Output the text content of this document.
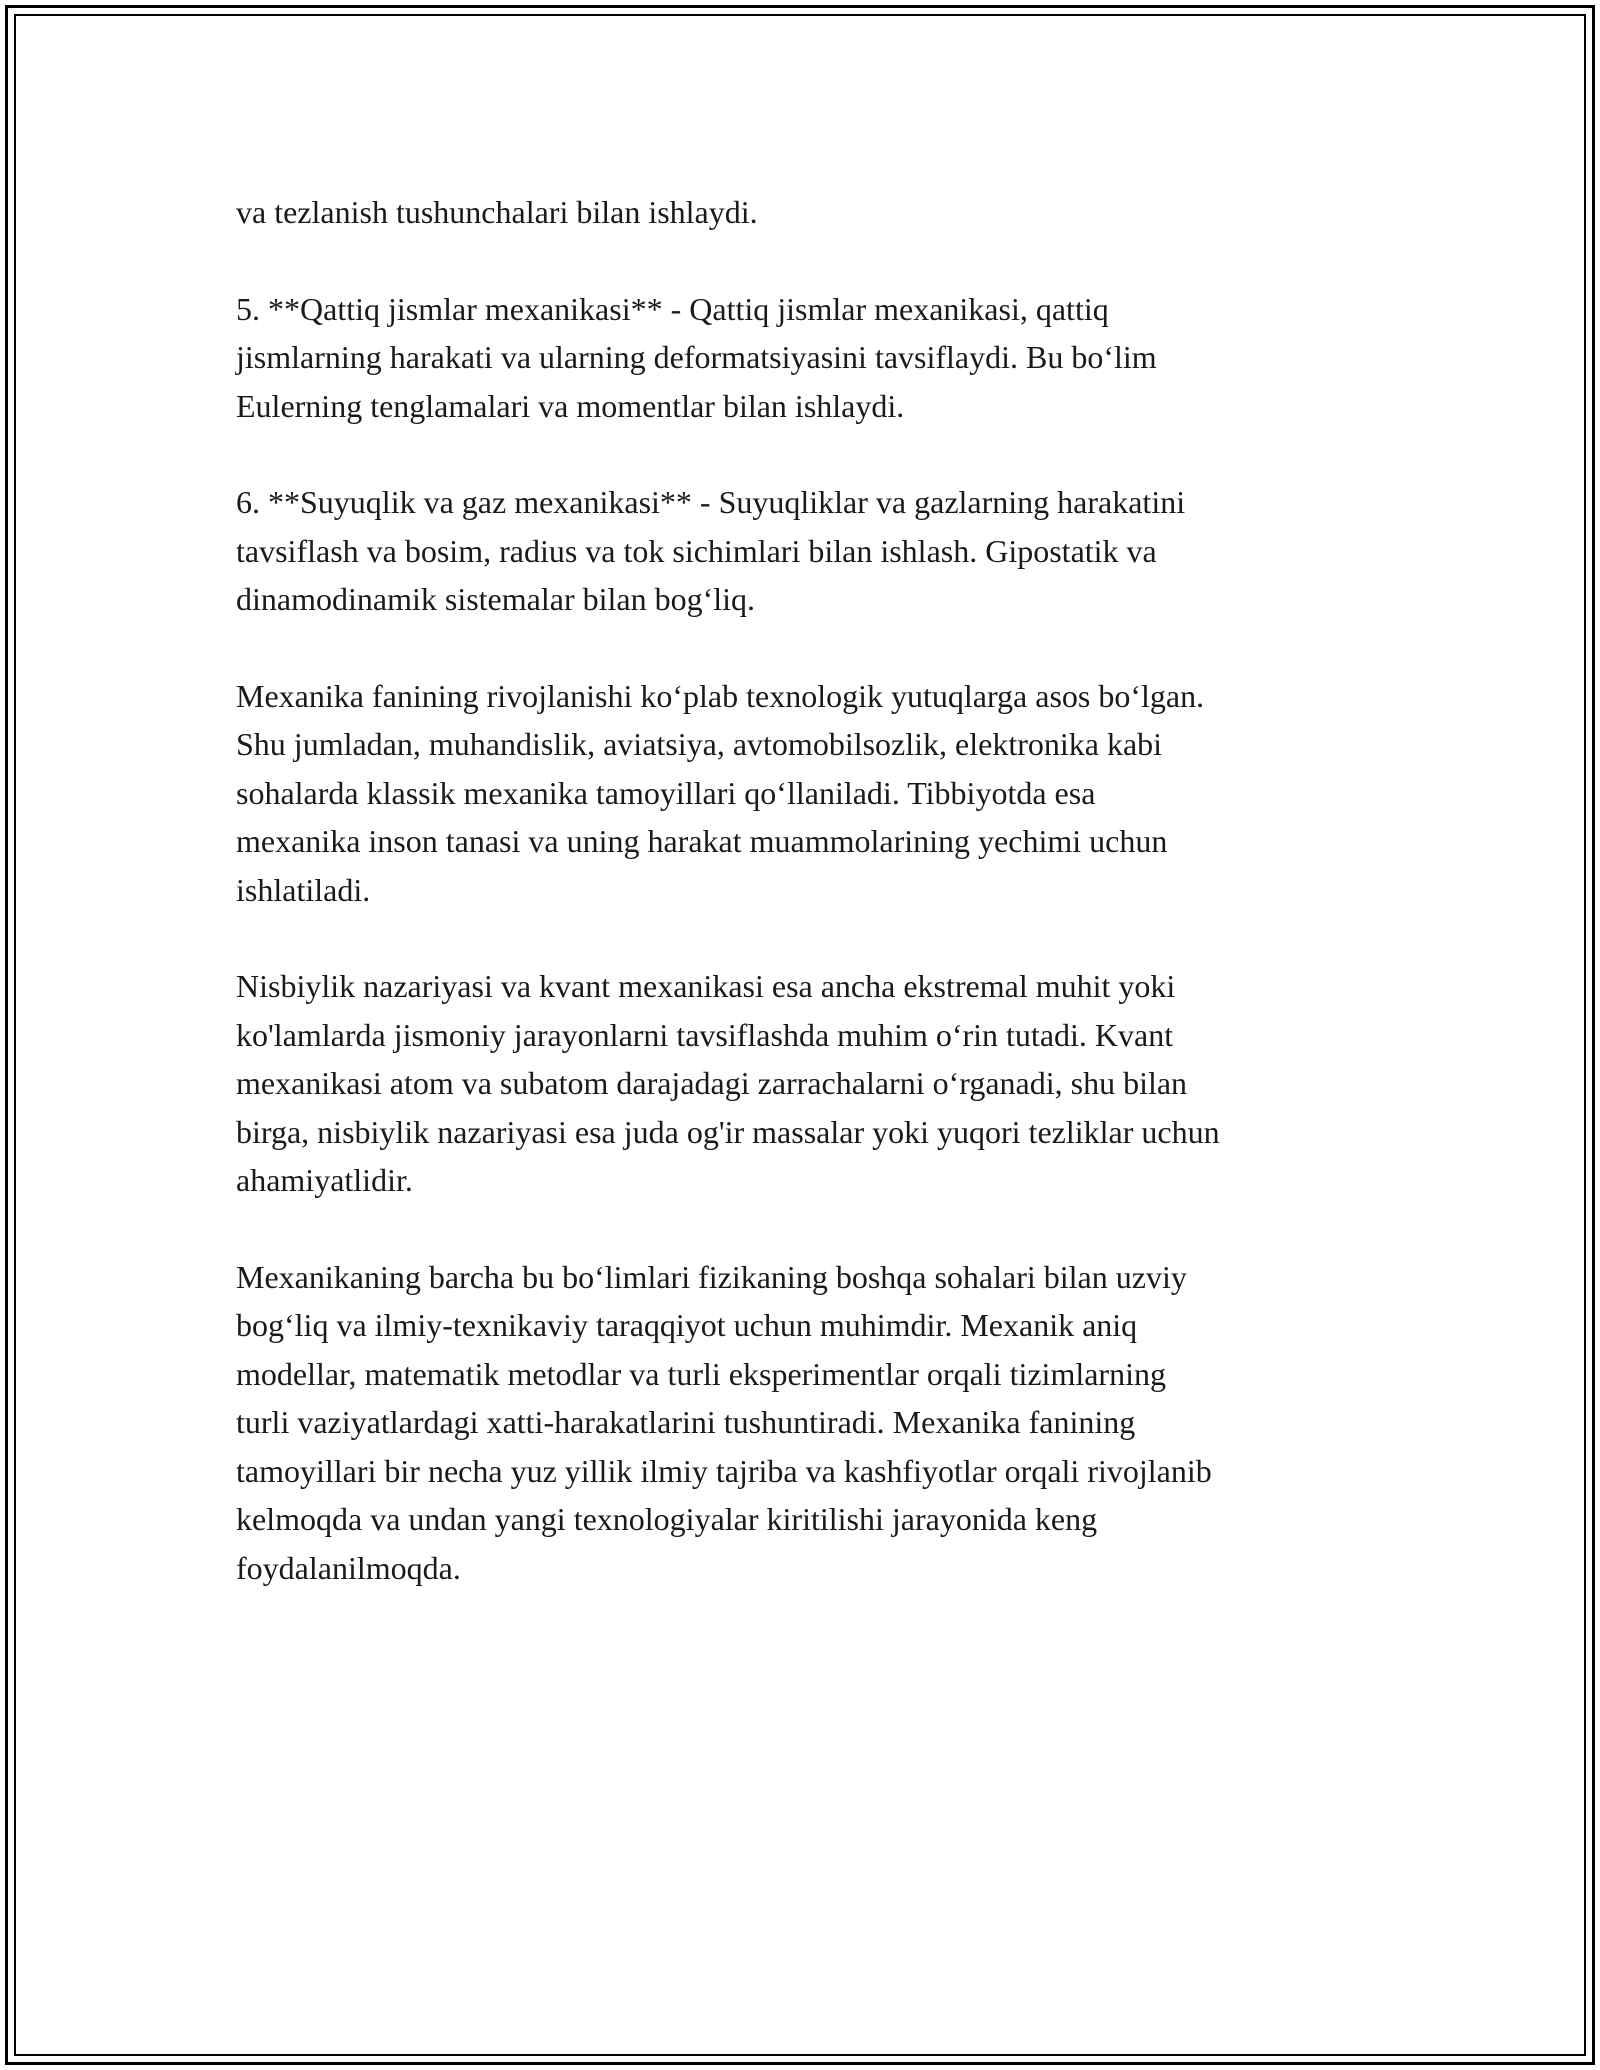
va tezlanish tushunchalari bilan ishlaydi.

5. **Qattiq jismlar mexanikasi** - Qattiq jismlar mexanikasi, qattiq
jismlarning harakati va ularning deformatsiyasini tavsiflaydi. Bu bo‘lim
Eulerning tenglamalari va momentlar bilan ishlaydi.

6. **Suyuqlik va gaz mexanikasi** - Suyuqliklar va gazlarning harakatini
tavsiflash va bosim, radius va tok sichimlari bilan ishlash. Gipostatik va
dinamodinamik sistemalar bilan bog‘liq.

Mexanika fanining rivojlanishi ko‘plab texnologik yutuqlarga asos bo‘lgan.
Shu jumladan, muhandislik, aviatsiya, avtomobilsozlik, elektronika kabi
sohalarda klassik mexanika tamoyillari qo‘llaniladi. Tibbiyotda esa
mexanika inson tanasi va uning harakat muammolarining yechimi uchun
ishlatiladi.

Nisbiylik nazariyasi va kvant mexanikasi esa ancha ekstremal muhit yoki
ko'lamlarda jismoniy jarayonlarni tavsiflashda muhim o‘rin tutadi. Kvant
mexanikasi atom va subatom darajadagi zarrachalarni o‘rganadi, shu bilan
birga, nisbiylik nazariyasi esa juda og'ir massalar yoki yuqori tezliklar uchun
ahamiyatlidir.

Mexanikaning barcha bu bo‘limlari fizikaning boshqa sohalari bilan uzviy
bog‘liq va ilmiy-texnikaviy taraqqiyot uchun muhimdir. Mexanik aniq
modellar, matematik metodlar va turli eksperimentlar orqali tizimlarning
turli vaziyatlardagi xatti-harakatlarini tushuntiradi. Mexanika fanining
tamoyillari bir necha yuz yillik ilmiy tajriba va kashfiyotlar orqali rivojlanib
kelmoqda va undan yangi texnologiyalar kiritilishi jarayonida keng
foydalanilmoqda.
